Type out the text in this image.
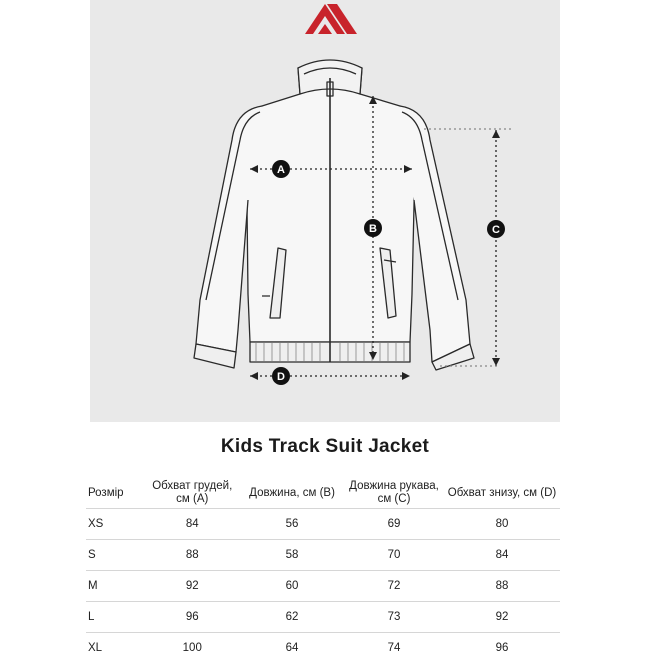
A
B	C
D
Kids Track Suit Jacket
Розмір	Обхват грудей, см (A)	Довжина, см (B)	Довжина рукава, см (C)	Обхват знизу, см (D)
XS	84	56	69	80
S	88	58	70	84
M	92	60	72	88
L	96	62	73	92
XL	100	64	74	96
